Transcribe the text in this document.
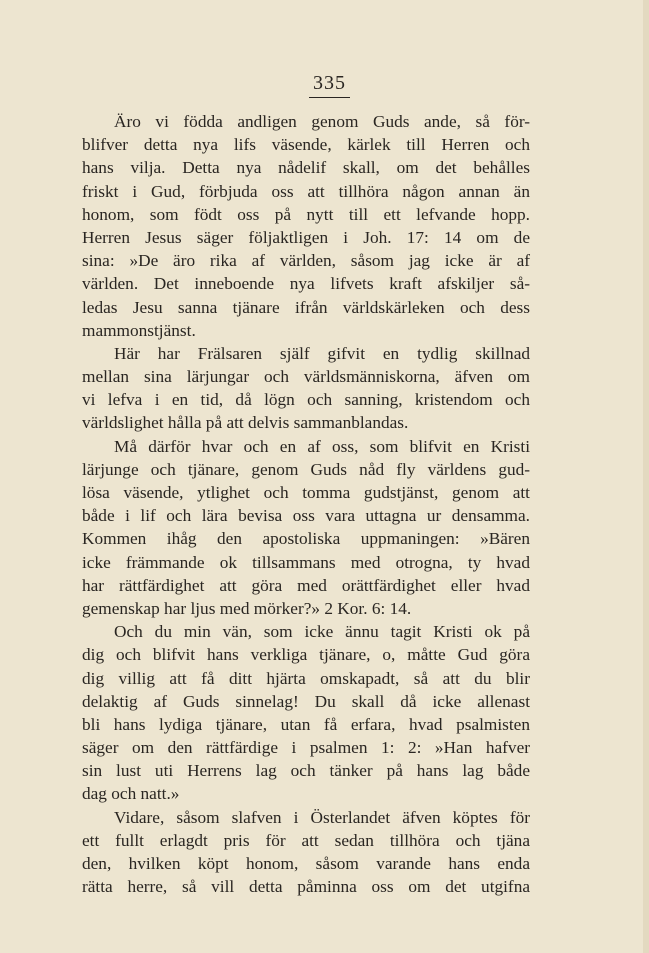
335
Äro vi födda andligen genom Guds ande, så för-
blifver detta nya lifs väsende, kärlek till Herren och
hans vilja. Detta nya nådelif skall, om det behålles
friskt i Gud, förbjuda oss att tillhöra någon annan än
honom, som födt oss på nytt till ett lefvande hopp.
Herren Jesus säger följaktligen i Joh. 17: 14 om de
sina: »De äro rika af världen, såsom jag icke är af
världen. Det inneboende nya lifvets kraft afskiljer så-
ledas Jesu sanna tjänare ifrån världskärleken och dess
mammonstjänst.
Här har Frälsaren själf gifvit en tydlig skillnad
mellan sina lärjungar och världsmänniskorna, äfven om
vi lefva i en tid, då lögn och sanning, kristendom och
världslighet hålla på att delvis sammanblandas.
Må därför hvar och en af oss, som blifvit en Kristi
lärjunge och tjänare, genom Guds nåd fly världens gud-
lösa väsende, ytlighet och tomma gudstjänst, genom att
både i lif och lära bevisa oss vara uttagna ur densamma.
Kommen ihåg den apostoliska uppmaningen: »Bären
icke främmande ok tillsammans med otrogna, ty hvad
har rättfärdighet att göra med orättfärdighet eller hvad
gemenskap har ljus med mörker?» 2 Kor. 6: 14.
Och du min vän, som icke ännu tagit Kristi ok på
dig och blifvit hans verkliga tjänare, o, måtte Gud göra
dig villig att få ditt hjärta omskapadt, så att du blir
delaktig af Guds sinnelag! Du skall då icke allenast
bli hans lydiga tjänare, utan få erfara, hvad psalmisten
säger om den rättfärdige i psalmen 1: 2: »Han hafver
sin lust uti Herrens lag och tänker på hans lag både
dag och natt.»
Vidare, såsom slafven i Österlandet äfven köptes för
ett fullt erlagdt pris för att sedan tillhöra och tjäna
den, hvilken köpt honom, såsom varande hans enda
rätta herre, så vill detta påminna oss om det utgifna
